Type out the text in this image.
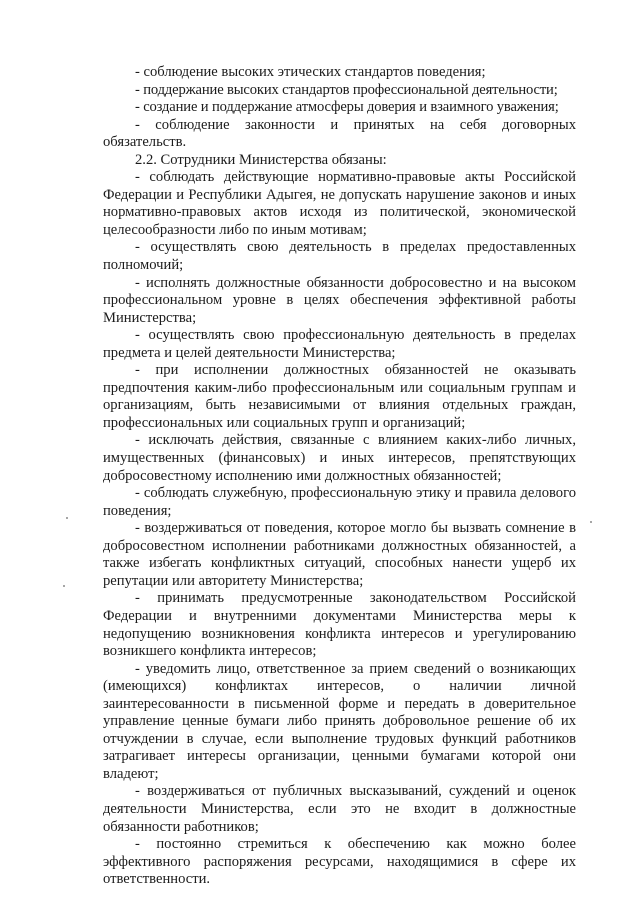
- соблюдение высоких этических стандартов поведения;

- поддержание высоких стандартов профессиональной деятельности;

- создание и поддержание атмосферы доверия и взаимного уважения;

- соблюдение законности и принятых на себя договорных обязательств.

2.2. Сотрудники Министерства обязаны:

- соблюдать действующие нормативно-правовые акты Российской Федерации и Республики Адыгея, не допускать нарушение законов и иных нормативно-правовых актов исходя из политической, экономической целесообразности либо по иным мотивам;

- осуществлять свою деятельность в пределах предоставленных полномочий;

- исполнять должностные обязанности добросовестно и на высоком профессиональном уровне в целях обеспечения эффективной работы Министерства;

- осуществлять свою профессиональную деятельность в пределах предмета и целей деятельности Министерства;

- при исполнении должностных обязанностей не оказывать предпочтения каким-либо профессиональным или социальным группам и организациям, быть независимыми от влияния отдельных граждан, профессиональных или социальных групп и организаций;

- исключать действия, связанные с влиянием каких-либо личных, имущественных (финансовых) и иных интересов, препятствующих добросовестному исполнению ими должностных обязанностей;

- соблюдать служебную, профессиональную этику и правила делового поведения;

- воздерживаться от поведения, которое могло бы вызвать сомнение в добросовестном исполнении работниками должностных обязанностей, а также избегать конфликтных ситуаций, способных нанести ущерб их репутации или авторитету Министерства;

- принимать предусмотренные законодательством Российской Федерации и внутренними документами Министерства меры к недопущению возникновения конфликта интересов и урегулированию возникшего конфликта интересов;

- уведомить лицо, ответственное за прием сведений о возникающих (имеющихся) конфликтах интересов, о наличии личной заинтересованности в письменной форме и передать в доверительное управление ценные бумаги либо принять добровольное решение об их отчуждении в случае, если выполнение трудовых функций работников затрагивает интересы организации, ценными бумагами которой они владеют;

- воздерживаться от публичных высказываний, суждений и оценок деятельности Министерства, если это не входит в должностные обязанности работников;

- постоянно стремиться к обеспечению как можно более эффективного распоряжения ресурсами, находящимися в сфере их ответственности.
